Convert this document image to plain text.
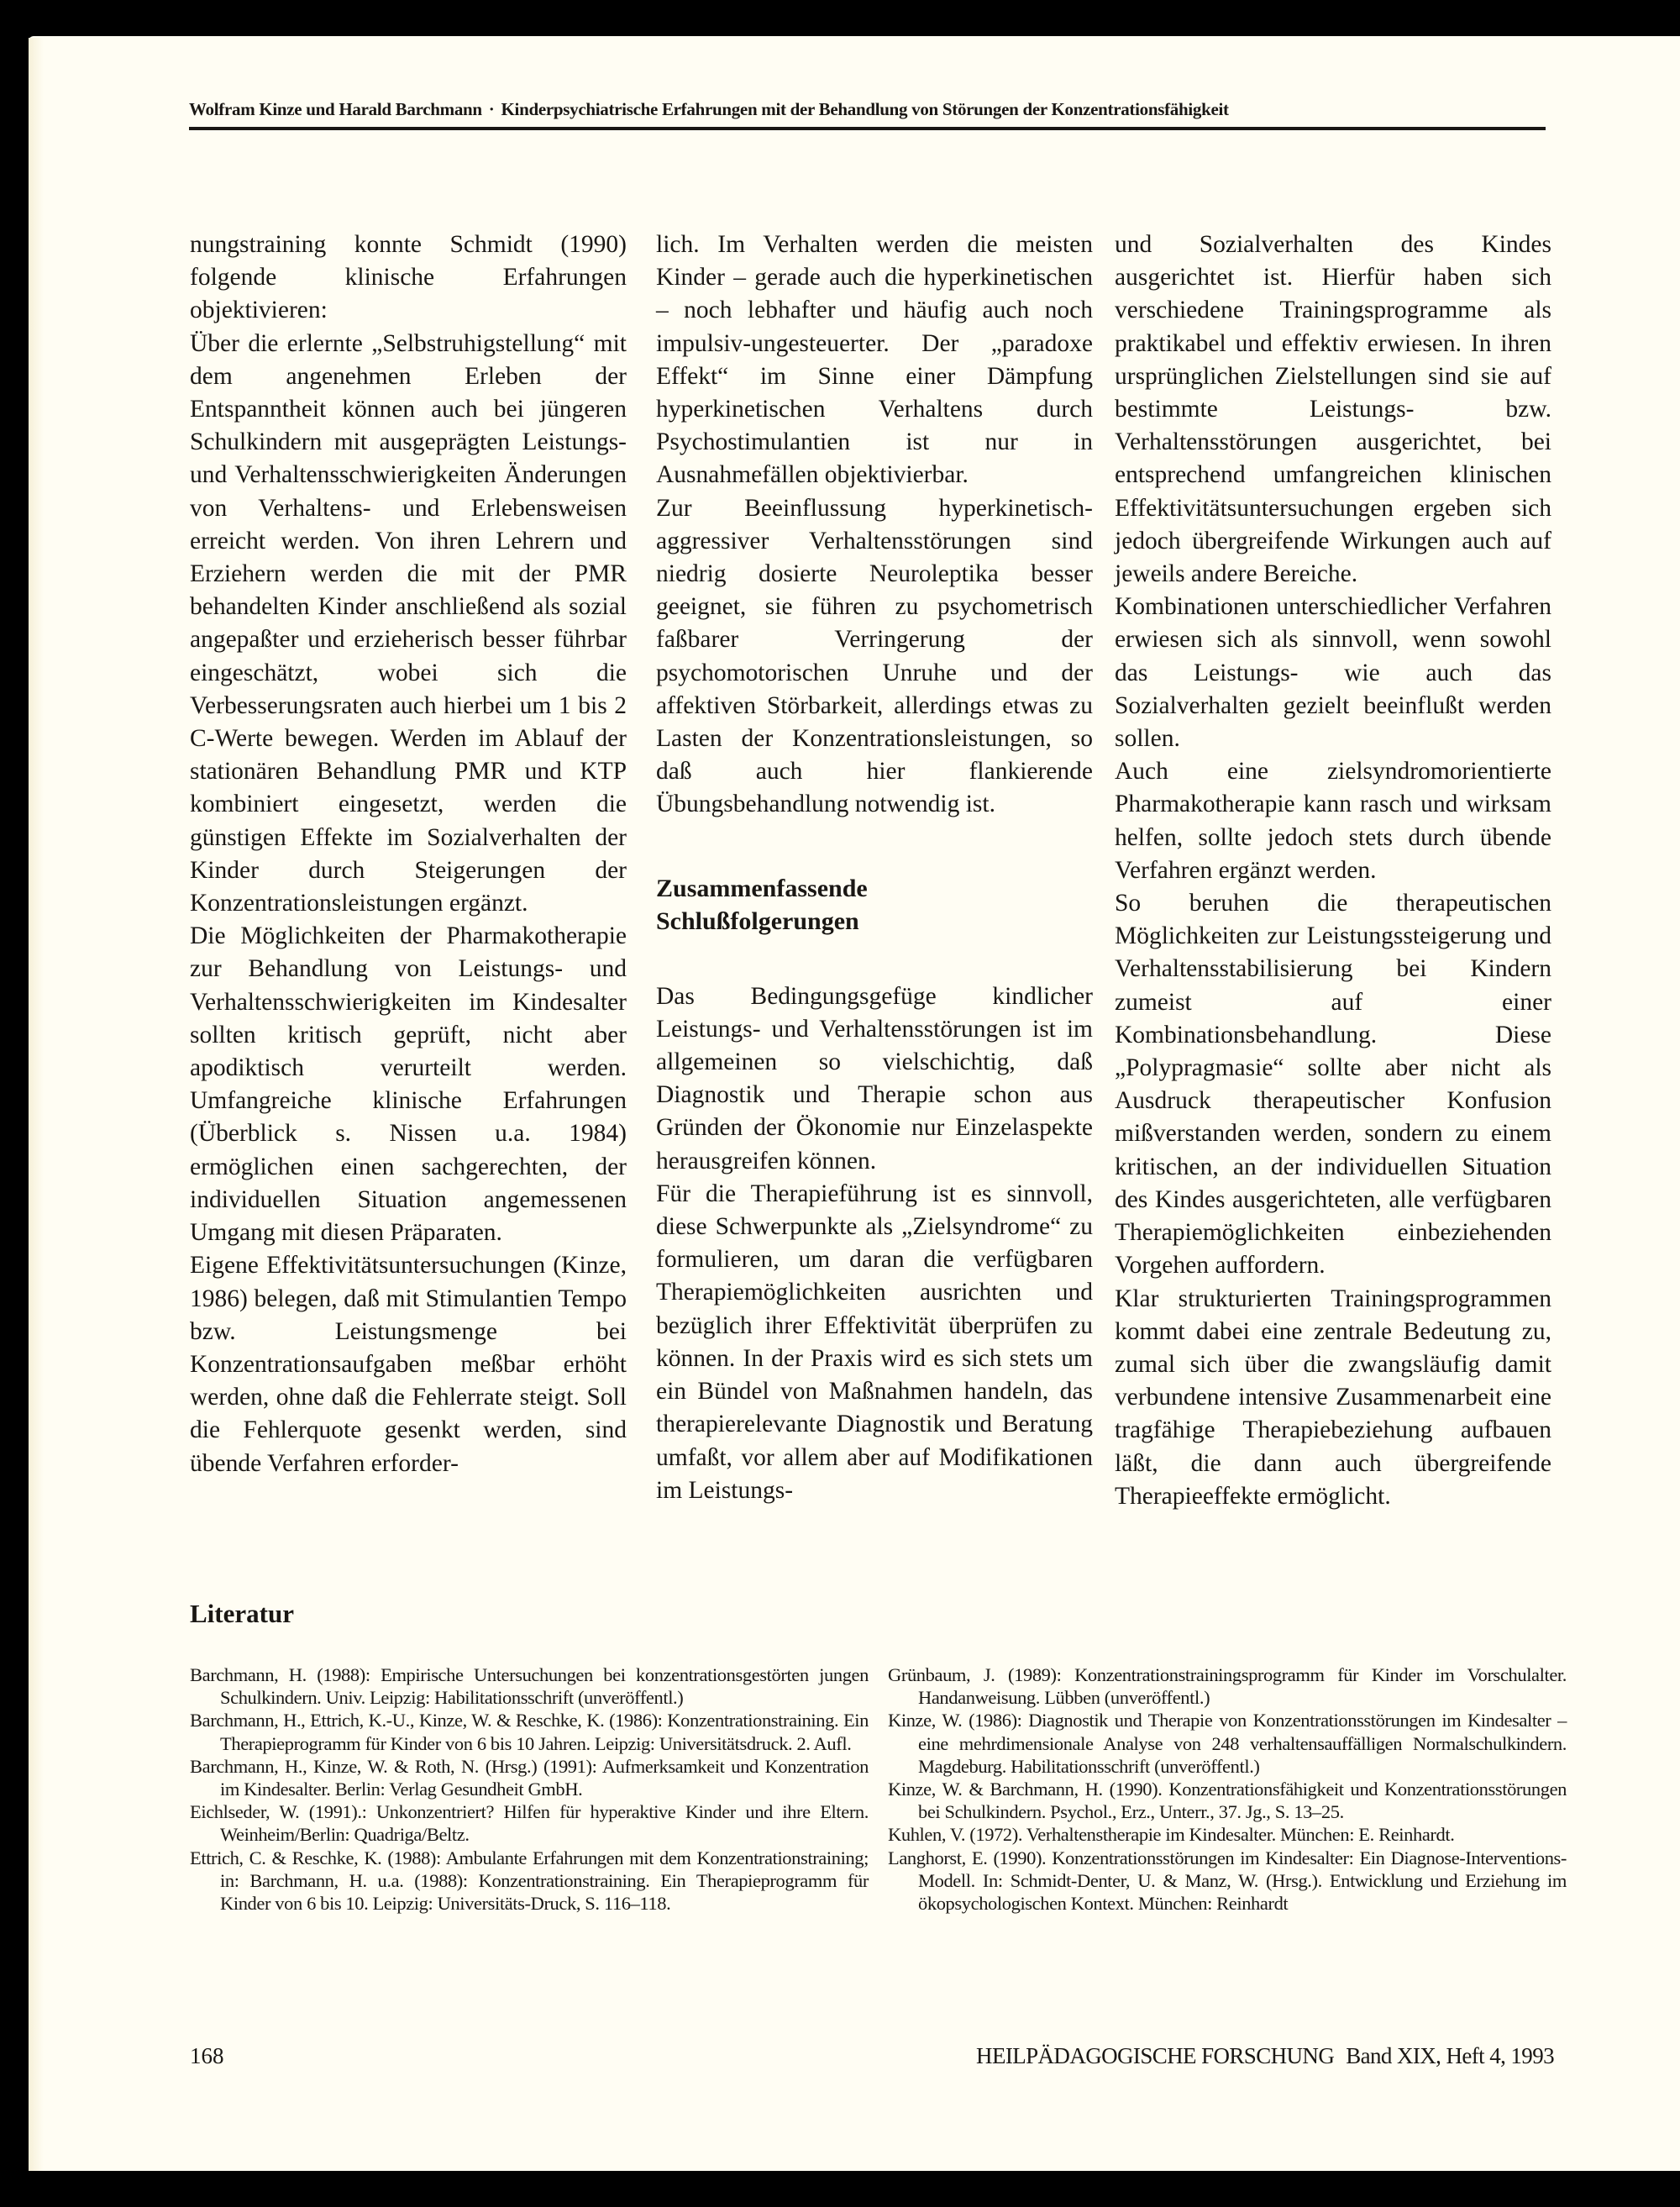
Wolfram Kinze und Harald Barchmann · Kinderpsychiatrische Erfahrungen mit der Behandlung von Störungen der Konzentrationsfähigkeit

nungstraining konnte Schmidt (1990) folgende klinische Erfahrungen objektivieren:

Über die erlernte „Selbstruhigstellung“ mit dem angenehmen Erleben der Entspanntheit können auch bei jüngeren Schulkindern mit ausgeprägten Leistungs- und Verhaltensschwierigkeiten Änderungen von Verhaltens- und Erlebensweisen erreicht werden. Von ihren Lehrern und Erziehern werden die mit der PMR behandelten Kinder anschließend als sozial angepaßter und erzieherisch besser führbar eingeschätzt, wobei sich die Verbesserungsraten auch hierbei um 1 bis 2 C-Werte bewegen. Werden im Ablauf der stationären Behandlung PMR und KTP kombiniert eingesetzt, werden die günstigen Effekte im Sozialverhalten der Kinder durch Steigerungen der Konzentrationsleistungen ergänzt.

Die Möglichkeiten der Pharmakotherapie zur Behandlung von Leistungs- und Verhaltensschwierigkeiten im Kindesalter sollten kritisch geprüft, nicht aber apodiktisch verurteilt werden. Umfangreiche klinische Erfahrungen (Überblick s. Nissen u.a. 1984) ermöglichen einen sachgerechten, der individuellen Situation angemessenen Umgang mit diesen Präparaten.

Eigene Effektivitätsuntersuchungen (Kinze, 1986) belegen, daß mit Stimulantien Tempo bzw. Leistungsmenge bei Konzentrationsaufgaben meßbar erhöht werden, ohne daß die Fehlerrate steigt. Soll die Fehlerquote gesenkt werden, sind übende Verfahren erforder-

lich. Im Verhalten werden die meisten Kinder – gerade auch die hyperkinetischen – noch lebhafter und häufig auch noch impulsiv-ungesteuerter. Der „paradoxe Effekt“ im Sinne einer Dämpfung hyperkinetischen Verhaltens durch Psychostimulantien ist nur in Ausnahmefällen objektivierbar.

Zur Beeinflussung hyperkinetisch-aggressiver Verhaltensstörungen sind niedrig dosierte Neuroleptika besser geeignet, sie führen zu psychometrisch faßbarer Verringerung der psychomotorischen Unruhe und der affektiven Störbarkeit, allerdings etwas zu Lasten der Konzentrationsleistungen, so daß auch hier flankierende Übungsbehandlung notwendig ist.

Zusammenfassende
Schlußfolgerungen

Das Bedingungsgefüge kindlicher Leistungs- und Verhaltensstörungen ist im allgemeinen so vielschichtig, daß Diagnostik und Therapie schon aus Gründen der Ökonomie nur Einzelaspekte herausgreifen können.

Für die Therapieführung ist es sinnvoll, diese Schwerpunkte als „Zielsyndrome“ zu formulieren, um daran die verfügbaren Therapiemöglichkeiten ausrichten und bezüglich ihrer Effektivität überprüfen zu können. In der Praxis wird es sich stets um ein Bündel von Maßnahmen handeln, das therapierelevante Diagnostik und Beratung umfaßt, vor allem aber auf Modifikationen im Leistungs-

und Sozialverhalten des Kindes ausgerichtet ist. Hierfür haben sich verschiedene Trainingsprogramme als praktikabel und effektiv erwiesen. In ihren ursprünglichen Zielstellungen sind sie auf bestimmte Leistungs- bzw. Verhaltensstörungen ausgerichtet, bei entsprechend umfangreichen klinischen Effektivitätsuntersuchungen ergeben sich jedoch übergreifende Wirkungen auch auf jeweils andere Bereiche.

Kombinationen unterschiedlicher Verfahren erwiesen sich als sinnvoll, wenn sowohl das Leistungs- wie auch das Sozialverhalten gezielt beeinflußt werden sollen.

Auch eine zielsyndromorientierte Pharmakotherapie kann rasch und wirksam helfen, sollte jedoch stets durch übende Verfahren ergänzt werden.

So beruhen die therapeutischen Möglichkeiten zur Leistungssteigerung und Verhaltensstabilisierung bei Kindern zumeist auf einer Kombinationsbehandlung. Diese „Polypragmasie“ sollte aber nicht als Ausdruck therapeutischer Konfusion mißverstanden werden, sondern zu einem kritischen, an der individuellen Situation des Kindes ausgerichteten, alle verfügbaren Therapiemöglichkeiten einbeziehenden Vorgehen auffordern.

Klar strukturierten Trainingsprogrammen kommt dabei eine zentrale Bedeutung zu, zumal sich über die zwangsläufig damit verbundene intensive Zusammenarbeit eine tragfähige Therapiebeziehung aufbauen läßt, die dann auch übergreifende Therapieeffekte ermöglicht.

Literatur

Barchmann, H. (1988): Empirische Untersuchungen bei konzentrationsgestörten jungen Schulkindern. Univ. Leipzig: Habilitationsschrift (unveröffentl.)

Barchmann, H., Ettrich, K.-U., Kinze, W. & Reschke, K. (1986): Konzentrationstraining. Ein Therapieprogramm für Kinder von 6 bis 10 Jahren. Leipzig: Universitätsdruck. 2. Aufl.

Barchmann, H., Kinze, W. & Roth, N. (Hrsg.) (1991): Aufmerksamkeit und Konzentration im Kindesalter. Berlin: Verlag Gesundheit GmbH.

Eichlseder, W. (1991).: Unkonzentriert? Hilfen für hyperaktive Kinder und ihre Eltern. Weinheim/Berlin: Quadriga/Beltz.

Ettrich, C. & Reschke, K. (1988): Ambulante Erfahrungen mit dem Konzentrationstraining; in: Barchmann, H. u.a. (1988): Konzentrationstraining. Ein Therapieprogramm für Kinder von 6 bis 10. Leipzig: Universitäts-Druck, S. 116–118.

Grünbaum, J. (1989): Konzentrationstrainingsprogramm für Kinder im Vorschulalter. Handanweisung. Lübben (unveröffentl.)

Kinze, W. (1986): Diagnostik und Therapie von Konzentrationsstörungen im Kindesalter – eine mehrdimensionale Analyse von 248 verhaltensauffälligen Normalschulkindern. Magdeburg. Habilitationsschrift (unveröffentl.)

Kinze, W. & Barchmann, H. (1990). Konzentrationsfähigkeit und Konzentrationsstörungen bei Schulkindern. Psychol., Erz., Unterr., 37. Jg., S. 13–25.

Kuhlen, V. (1972). Verhaltenstherapie im Kindesalter. München: E. Reinhardt.

Langhorst, E. (1990). Konzentrationsstörungen im Kindesalter: Ein Diagnose-Interventions-Modell. In: Schmidt-Denter, U. & Manz, W. (Hrsg.). Entwicklung und Erziehung im ökopsychologischen Kontext. München: Reinhardt

168	HEILPÄDAGOGISCHE FORSCHUNG Band XIX, Heft 4, 1993
